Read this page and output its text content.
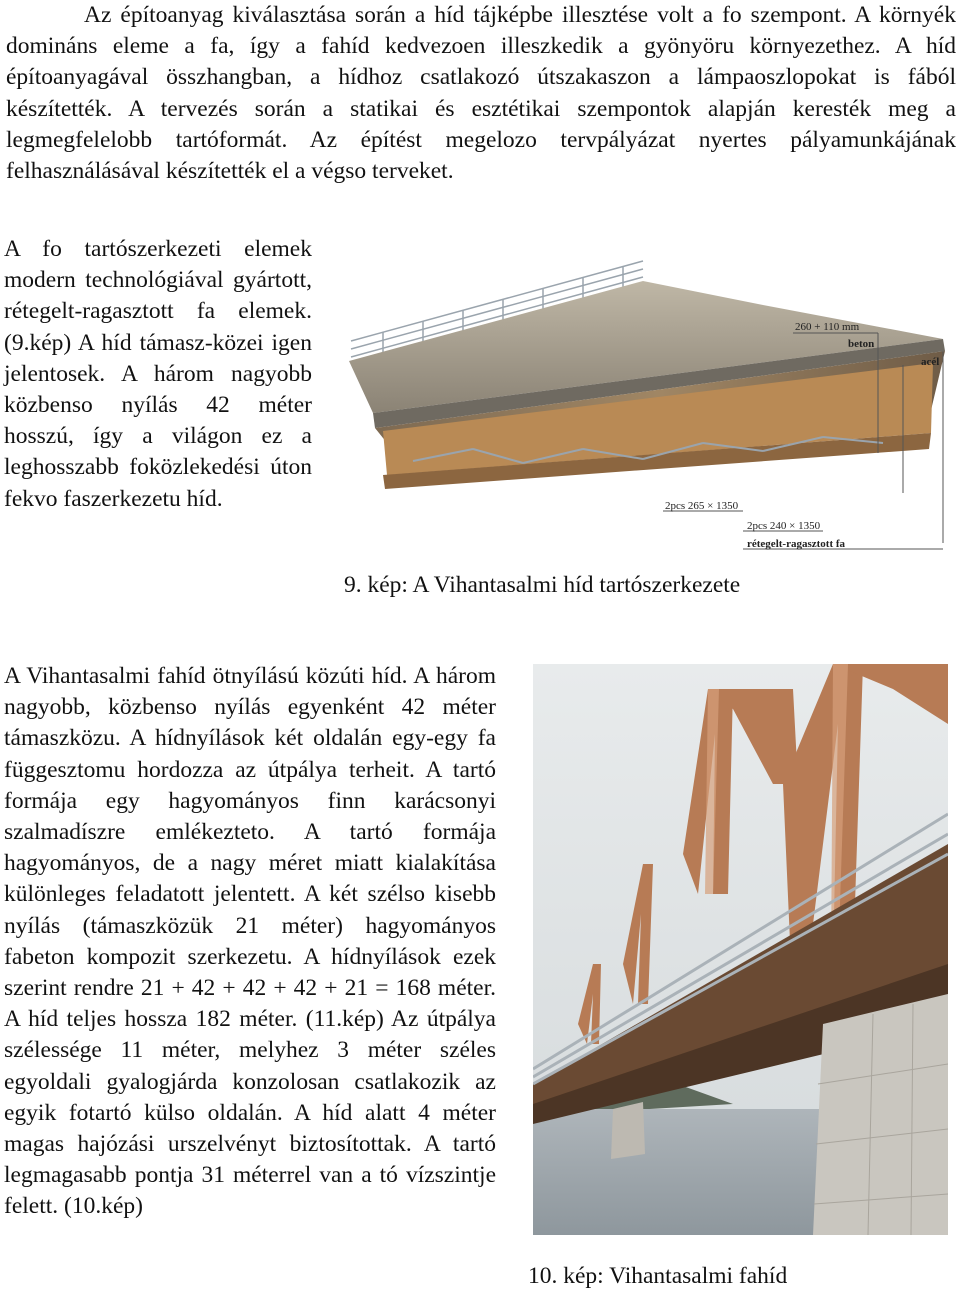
Az építoanyag kiválasztása során a híd tájképbe illesztése volt a fo szempont. A környék domináns eleme a fa, így a fahíd kedvezoen illeszkedik a gyönyöru környezethez. A híd építoanyagával összhangban, a hídhoz csatlakozó útszakaszon a lámpaoszlopokat is fából készítették. A tervezés során a statikai és esztétikai szempontok alapján keresték meg a legmegfelelobb tartóformát. Az építést megelozo tervpályázat nyertes pályamunkájának felhasználásával készítették el a végso terveket.

A fo tartószerkezeti elemek modern technológiával gyártott, rétegelt-ragasztott fa elemek. (9.kép) A híd támasz-közei igen jelentosek. A három nagyobb közbenso nyílás 42 méter hosszú, így a világon ez a leghosszabb foközlekedési úton fekvo faszerkezetu híd.

260 + 110 mm
beton
acél
2pcs 265 × 1350
2pcs 240 × 1350
rétegelt-ragasztott fa

9. kép: A Vihantasalmi híd tartószerkezete

A Vihantasalmi fahíd ötnyílású közúti híd. A három nagyobb, közbenso nyílás egyenként 42 méter támaszközu. A hídnyílások két oldalán egy-egy fa függesztomu hordozza az útpálya terheit. A tartó formája egy hagyományos finn karácsonyi szalmadíszre emlékezteto. A tartó formája hagyományos, de a nagy méret miatt kialakítása különleges feladatott jelentett. A két szélso kisebb nyílás (támaszközük 21 méter) hagyományos fabeton kompozit szerkezetu. A hídnyílások ezek szerint rendre 21 + 42 + 42 + 42 + 21 = 168 méter. A híd teljes hossza 182 méter. (11.kép) Az útpálya szélessége 11 méter, melyhez 3 méter széles egyoldali gyalogjárda konzolosan csatlakozik az egyik fotartó külso oldalán. A híd alatt 4 méter magas hajózási urszelvényt biztosítottak. A tartó legmagasabb pontja 31 méterrel van a tó vízszintje felett. (10.kép)

10. kép: Vihantasalmi fahíd
